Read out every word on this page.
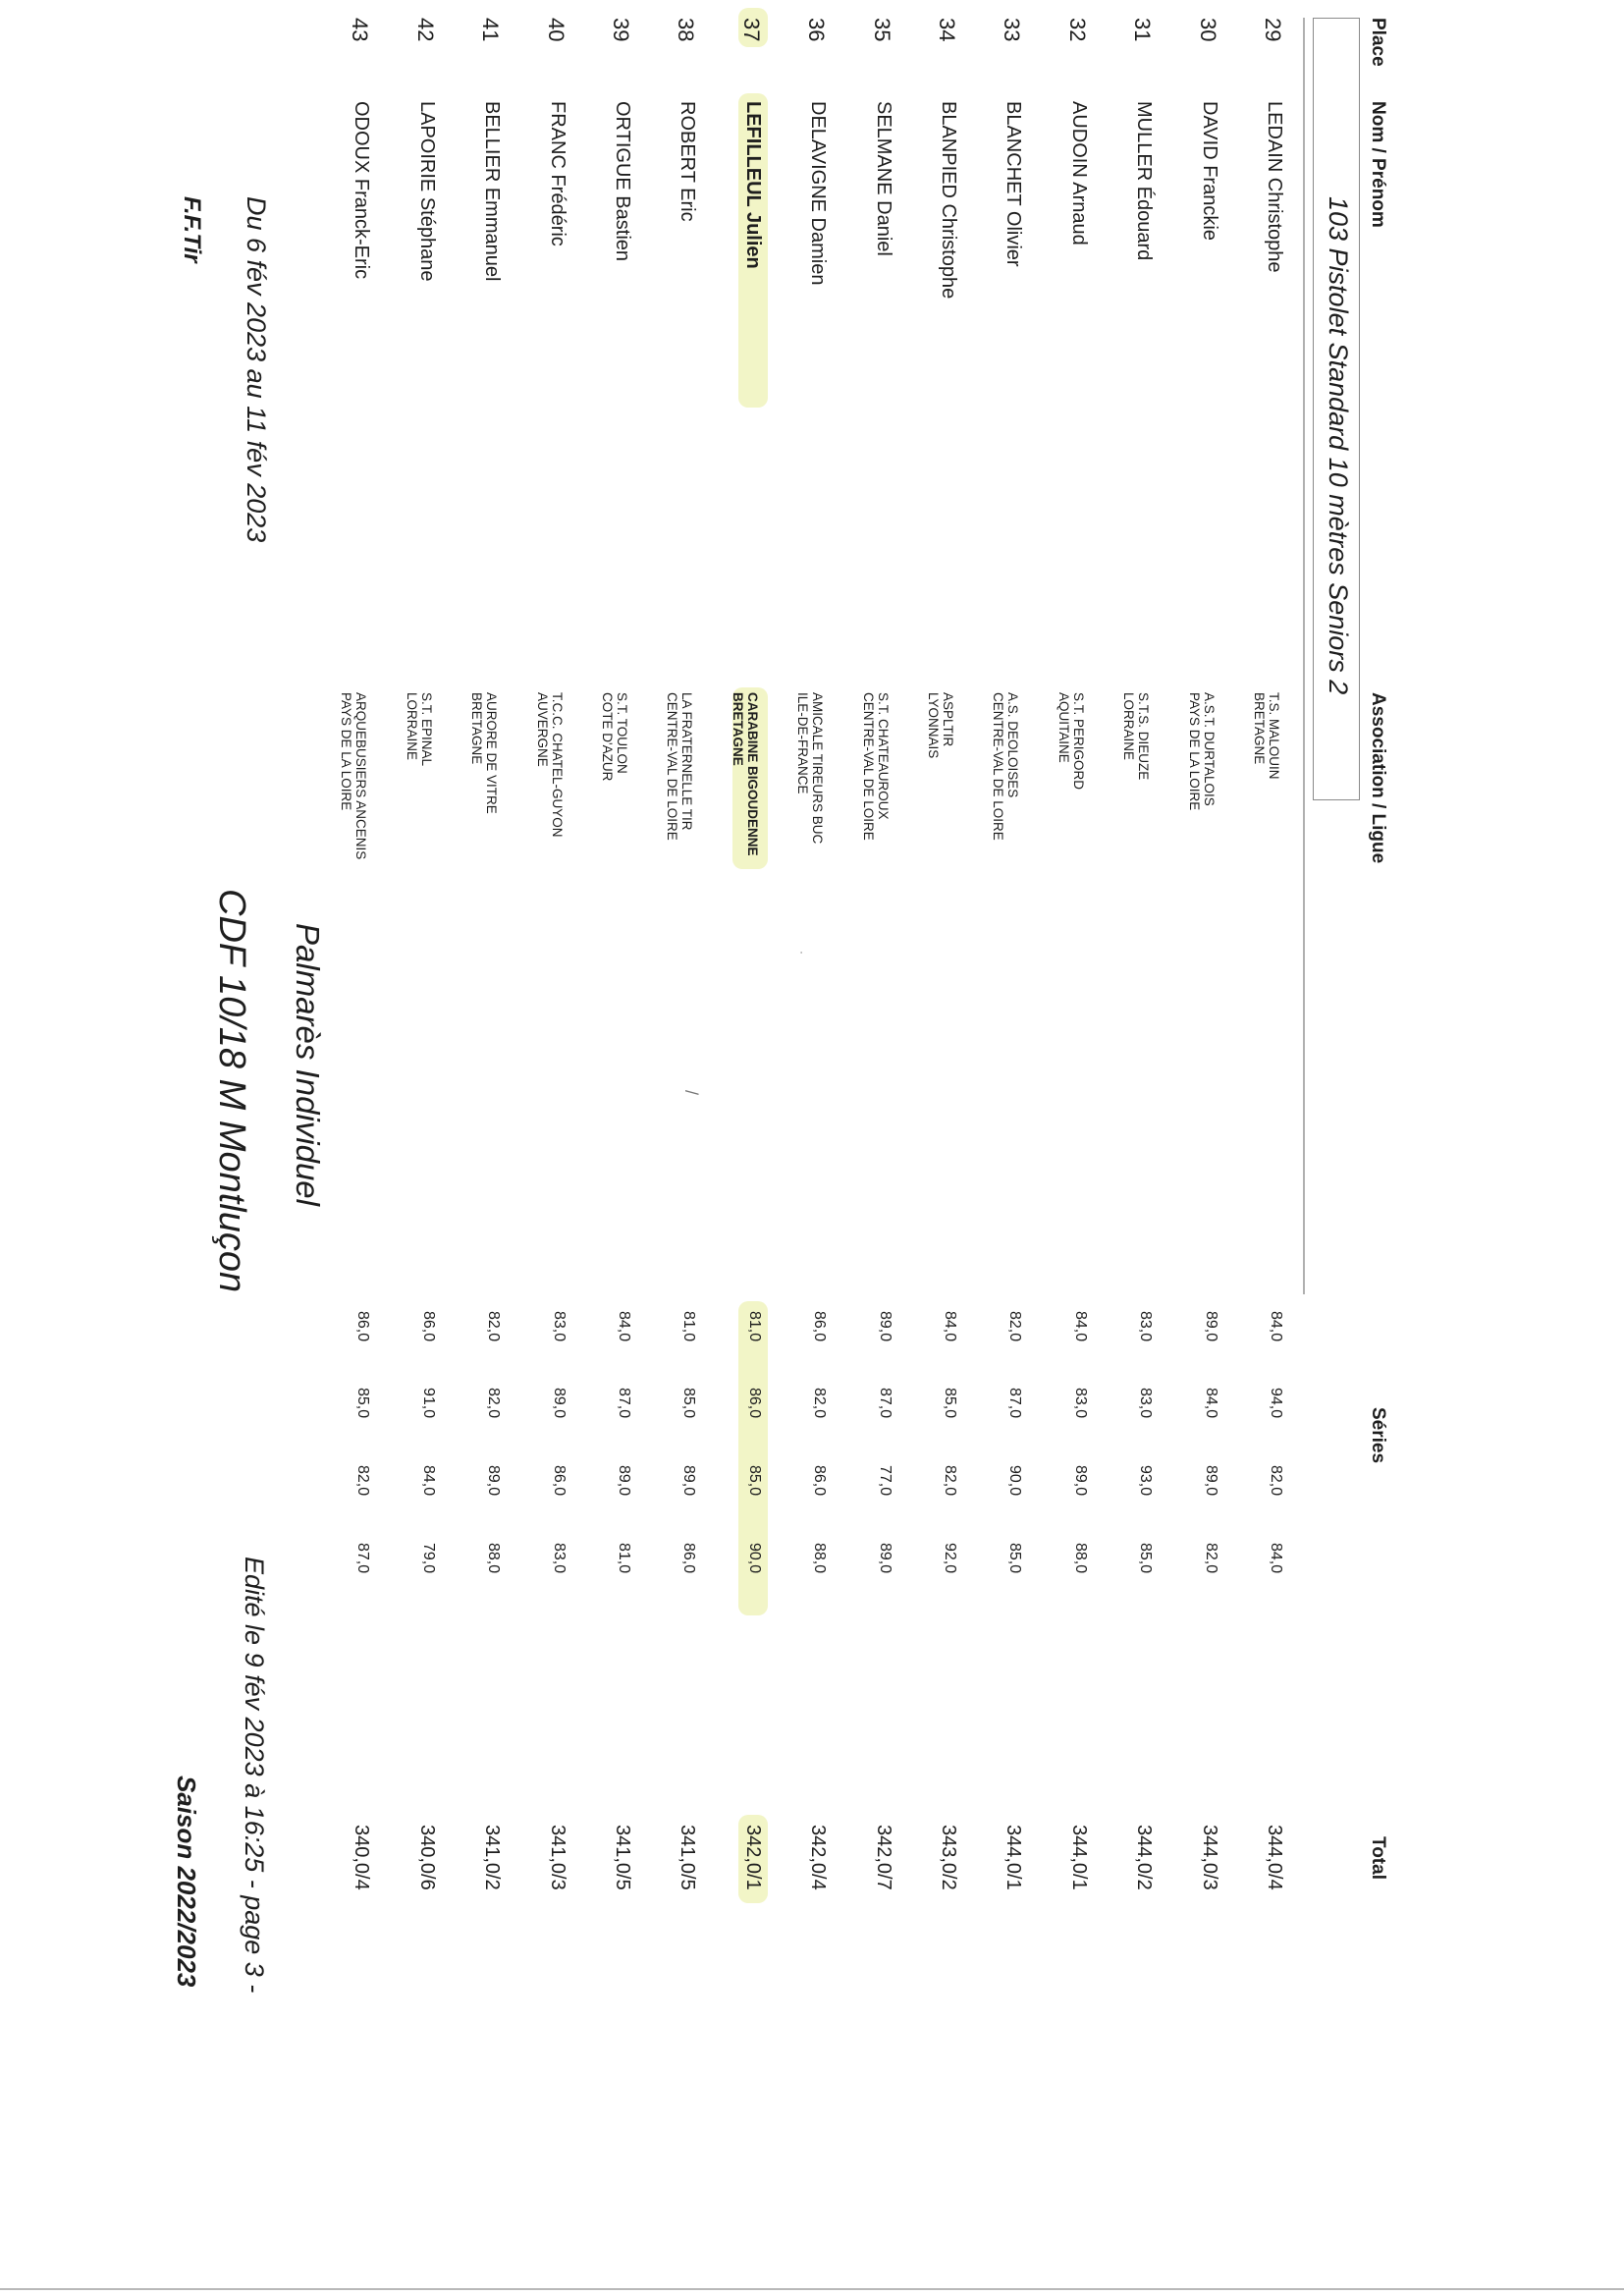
F.F.Tir Du 6 fév 2023 au 11 fév 2023
CDF 10/18 M Montluçon Palmarès Individuel
Saison 2022/2023 Edité le 9 fév 2023 à 16:25 - page 3 -
103 Pistolet Standard 10 mètres Seniors 2
Place
Nom / Prénom
Association / Ligue
Séries
Total
29
LEDAIN Christophe
T.S. MALOUIN
BRETAGNE
84,0
94,0
82,0
84,0
344,0/4
30
DAVID Franckie
A.S.T. DURTALOIS
PAYS DE LA LOIRE
89,0
84,0
89,0
82,0
344,0/3
31
MULLER Édouard
S.T.S. DIEUZE
LORRAINE
83,0
83,0
93,0
85,0
344,0/2
32
AUDOIN Arnaud
S.T. PERIGORD
AQUITAINE
84,0
83,0
89,0
88,0
344,0/1
33
BLANCHET Olivier
A.S. DEOLOISES
CENTRE-VAL DE LOIRE
82,0
87,0
90,0
85,0
344,0/1
34
BLANPIED Christophe
ASPLTIR
LYONNAIS
84,0
85,0
82,0
92,0
343,0/2
35
SELMANE Daniel
S.T. CHATEAUROUX
CENTRE-VAL DE LOIRE
89,0
87,0
77,0
89,0
342,0/7
36
DELAVIGNE Damien
AMICALE TIREURS BUC
ILE-DE-FRANCE
86,0
82,0
86,0
88,0
342,0/4
37
LEFILLEUL Julien
CARABINE BIGOUDENNE
BRETAGNE
81,0
86,0
85,0
90,0
342,0/1
38
ROBERT Eric
LA FRATERNELLE TIR
CENTRE-VAL DE LOIRE
81,0
85,0
89,0
86,0
341,0/5
39
ORTIGUE Bastien
S.T. TOULON
COTE D'AZUR
84,0
87,0
89,0
81,0
341,0/5
40
FRANC Frédéric
T.C.C. CHATEL-GUYON
AUVERGNE
83,0
89,0
86,0
83,0
341,0/3
41
BELLIER Emmanuel
AURORE DE VITRE
BRETAGNE
82,0
82,0
89,0
88,0
341,0/2
42
LAPOIRIE Stéphane
S.T. EPINAL
LORRAINE
86,0
91,0
84,0
79,0
340,0/6
43
ODOUX Franck-Eric
ARQUEBUSIERS ANCENIS
PAYS DE LA LOIRE
86,0
85,0
82,0
87,0
340,0/4
/
·
